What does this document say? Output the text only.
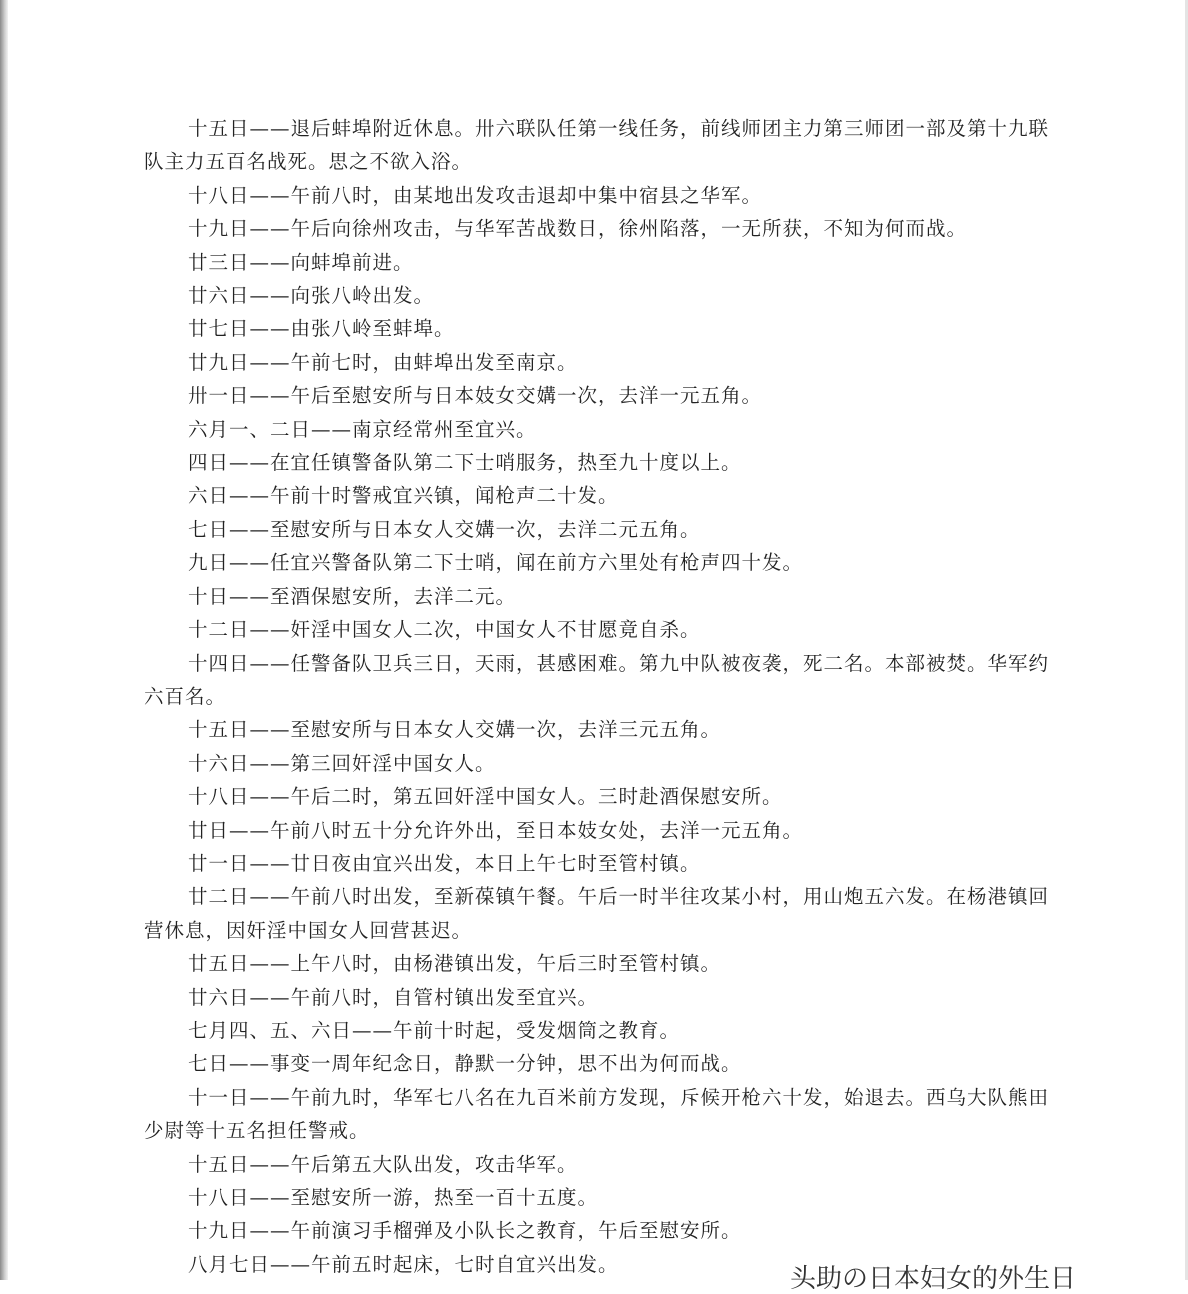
十五日——退后蚌埠附近休息。卅六联队任第一线任务，前线师团主力第三师团一部及第十九联队主力五百名战死。思之不欲入浴。

十八日——午前八时，由某地出发攻击退却中集中宿县之华军。

十九日——午后向徐州攻击，与华军苦战数日，徐州陷落，一无所获，不知为何而战。

廿三日——向蚌埠前进。

廿六日——向张八岭出发。

廿七日——由张八岭至蚌埠。

廿九日——午前七时，由蚌埠出发至南京。

卅一日——午后至慰安所与日本妓女交媾一次，去洋一元五角。

六月一、二日——南京经常州至宜兴。

四日——在宜任镇警备队第二下士哨服务，热至九十度以上。

六日——午前十时警戒宜兴镇，闻枪声二十发。

七日——至慰安所与日本女人交媾一次，去洋二元五角。

九日——任宜兴警备队第二下士哨，闻在前方六里处有枪声四十发。

十日——至酒保慰安所，去洋二元。

十二日——奸淫中国女人二次，中国女人不甘愿竟自杀。

十四日——任警备队卫兵三日，天雨，甚感困难。第九中队被夜袭，死二名。本部被焚。华军约六百名。

十五日——至慰安所与日本女人交媾一次，去洋三元五角。

十六日——第三回奸淫中国女人。

十八日——午后二时，第五回奸淫中国女人。三时赴酒保慰安所。

廿日——午前八时五十分允许外出，至日本妓女处，去洋一元五角。

廿一日——廿日夜由宜兴出发，本日上午七时至管村镇。

廿二日——午前八时出发，至新葆镇午餐。午后一时半往攻某小村，用山炮五六发。在杨港镇回营休息，因奸淫中国女人回营甚迟。

廿五日——上午八时，由杨港镇出发，午后三时至管村镇。

廿六日——午前八时，自管村镇出发至宜兴。

七月四、五、六日——午前十时起，受发烟筒之教育。

七日——事变一周年纪念日，静默一分钟，思不出为何而战。

十一日——午前九时，华军七八名在九百米前方发现，斥候开枪六十发，始退去。西乌大队熊田少尉等十五名担任警戒。

十五日——午后第五大队出发，攻击华军。

十八日——至慰安所一游，热至一百十五度。

十九日——午前演习手榴弹及小队长之教育，午后至慰安所。

八月七日——午前五时起床，七时自宜兴出发。	头助の日本妇女的外生日
